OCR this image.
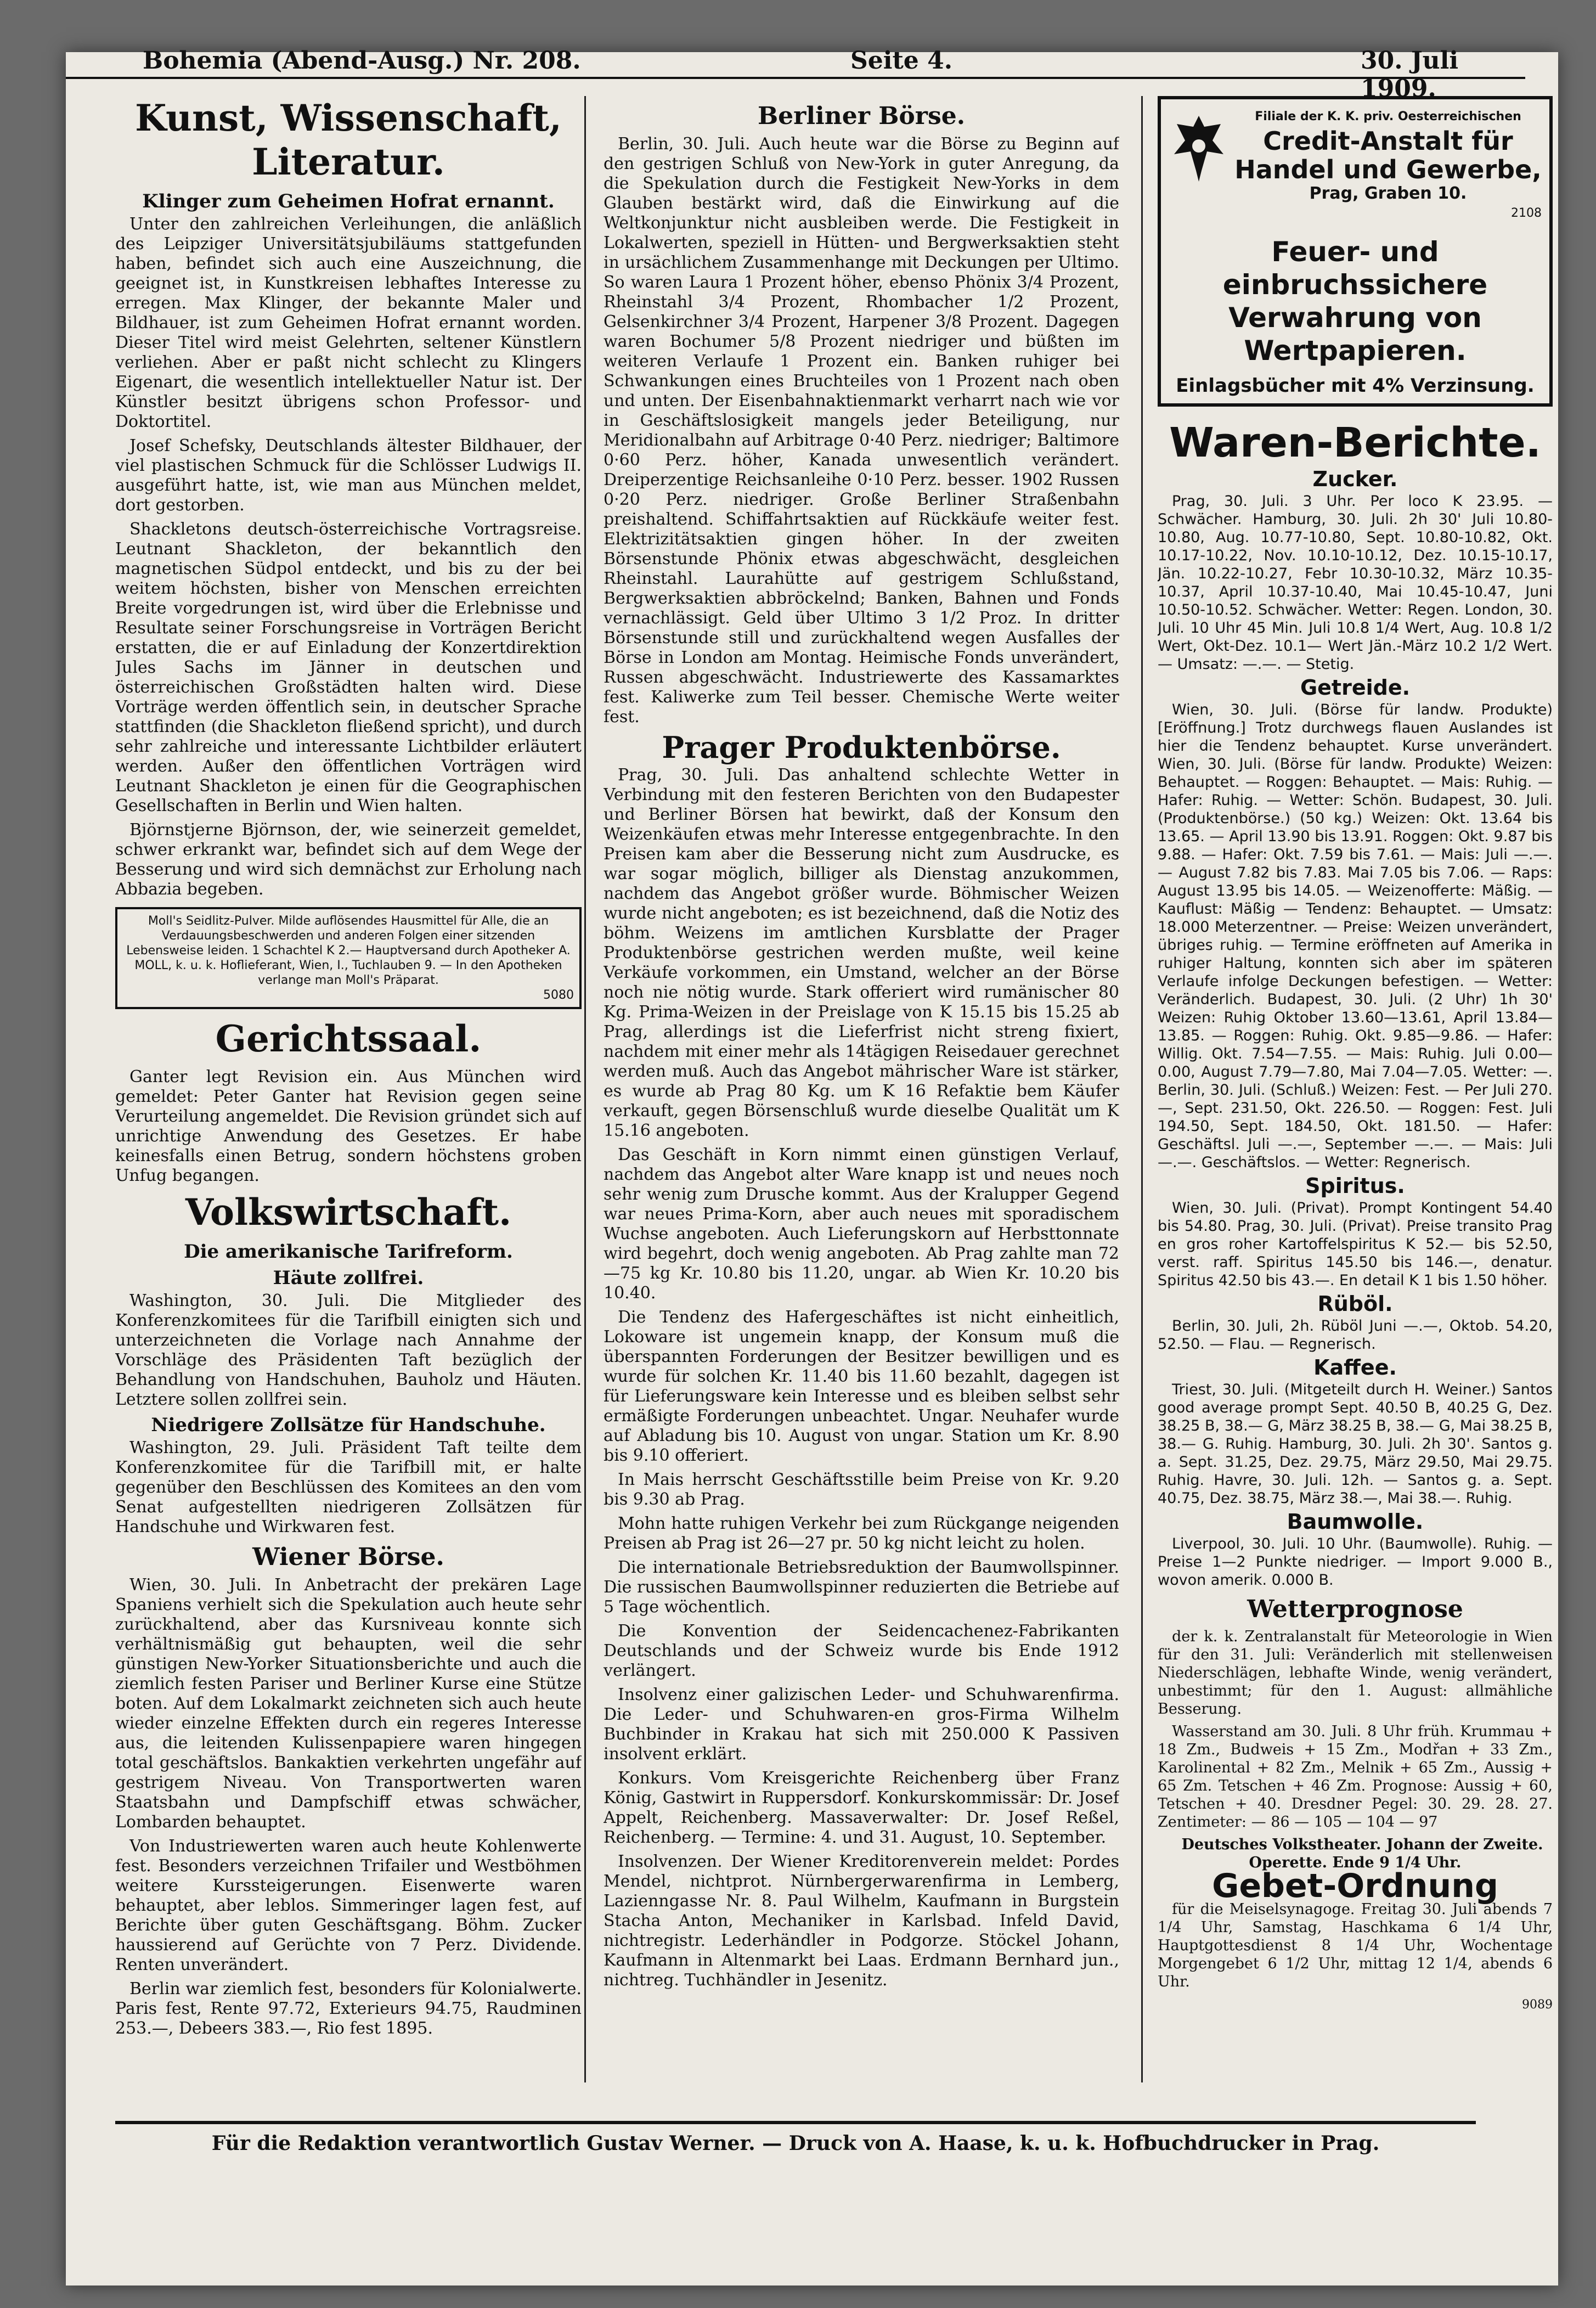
Bohemia (Abend-Ausg.) Nr. 208.	Seite 4.	30. Juli 1909.
Kunst, Wissenschaft, Literatur.
Klinger zum Geheimen Hofrat ernannt.

Unter den zahlreichen Verleihungen, die anläßlich des Leipziger Universitätsjubiläums stattgefunden haben, befindet sich auch eine Auszeichnung, die geeignet ist, in Kunstkreisen lebhaftes Interesse zu erregen. Max Klinger, der bekannte Maler und Bildhauer, ist zum Geheimen Hofrat ernannt worden. Dieser Titel wird meist Gelehrten, seltener Künstlern verliehen. Aber er paßt nicht schlecht zu Klingers Eigenart, die wesentlich intellektueller Natur ist. Der Künstler besitzt übrigens schon Professor- und Doktortitel.

Josef Schefsky, Deutschlands ältester Bildhauer, der viel plastischen Schmuck für die Schlösser Ludwigs II. ausgeführt hatte, ist, wie man aus München meldet, dort gestorben.

Shackletons deutsch-österreichische Vortragsreise. Leutnant Shackleton, der bekanntlich den magnetischen Südpol entdeckt, und bis zu der bei weitem höchsten, bisher von Menschen erreichten Breite vorgedrungen ist, wird über die Erlebnisse und Resultate seiner Forschungsreise in Vorträgen Bericht erstatten, die er auf Einladung der Konzertdirektion Jules Sachs im Jänner in deutschen und österreichischen Großstädten halten wird. Diese Vorträge werden öffentlich sein, in deutscher Sprache stattfinden (die Shackleton fließend spricht), und durch sehr zahlreiche und interessante Lichtbilder erläutert werden. Außer den öffentlichen Vorträgen wird Leutnant Shackleton je einen für die Geographischen Gesellschaften in Berlin und Wien halten.

Björnstjerne Björnson, der, wie seinerzeit gemeldet, schwer erkrankt war, befindet sich auf dem Wege der Besserung und wird sich demnächst zur Erholung nach Abbazia begeben.

Moll's Seidlitz-Pulver. Milde auflösendes Hausmittel für Alle, die an Verdauungsbeschwerden und anderen Folgen einer sitzenden Lebensweise leiden. 1 Schachtel K 2.— Hauptversand durch Apotheker A. MOLL, k. u. k. Hoflieferant, Wien, I., Tuchlauben 9. — In den Apotheken verlange man Moll's Präparat.
5080
Gerichtssaal.

Ganter legt Revision ein. Aus München wird gemeldet: Peter Ganter hat Revision gegen seine Verurteilung angemeldet. Die Revision gründet sich auf unrichtige Anwendung des Gesetzes. Er habe keinesfalls einen Betrug, sondern höchstens groben Unfug begangen.

Volkswirtschaft.
Die amerikanische Tarifreform.
Häute zollfrei.

Washington, 30. Juli. Die Mitglieder des Konferenzkomitees für die Tarifbill einigten sich und unterzeichneten die Vorlage nach Annahme der Vorschläge des Präsidenten Taft bezüglich der Behandlung von Handschuhen, Bauholz und Häuten. Letztere sollen zollfrei sein.

Niedrigere Zollsätze für Handschuhe.

Washington, 29. Juli. Präsident Taft teilte dem Konferenzkomitee für die Tarifbill mit, er halte gegenüber den Beschlüssen des Komitees an den vom Senat aufgestellten niedrigeren Zollsätzen für Handschuhe und Wirkwaren fest.

Wiener Börse.

Wien, 30. Juli. In Anbetracht der prekären Lage Spaniens verhielt sich die Spekulation auch heute sehr zurückhaltend, aber das Kursniveau konnte sich verhältnismäßig gut behaupten, weil die sehr günstigen New-Yorker Situationsberichte und auch die ziemlich festen Pariser und Berliner Kurse eine Stütze boten. Auf dem Lokalmarkt zeichneten sich auch heute wieder einzelne Effekten durch ein regeres Interesse aus, die leitenden Kulissenpapiere waren hingegen total geschäftslos. Bankaktien verkehrten ungefähr auf gestrigem Niveau. Von Transportwerten waren Staatsbahn und Dampfschiff etwas schwächer, Lombarden behauptet.

Von Industriewerten waren auch heute Kohlenwerte fest. Besonders verzeichnen Trifailer und Westböhmen weitere Kurssteigerungen. Eisenwerte waren behauptet, aber leblos. Simmeringer lagen fest, auf Berichte über guten Geschäftsgang. Böhm. Zucker haussierend auf Gerüchte von 7 Perz. Dividende. Renten unverändert.

Berlin war ziemlich fest, besonders für Kolonialwerte. Paris fest, Rente 97.72, Exterieurs 94.75, Raudminen 253.—, Debeers 383.—, Rio fest 1895.

Berliner Börse.

Berlin, 30. Juli. Auch heute war die Börse zu Beginn auf den gestrigen Schluß von New-York in guter Anregung, da die Spekulation durch die Festigkeit New-Yorks in dem Glauben bestärkt wird, daß die Einwirkung auf die Weltkonjunktur nicht ausbleiben werde. Die Festigkeit in Lokalwerten, speziell in Hütten- und Bergwerksaktien steht in ursächlichem Zusammenhange mit Deckungen per Ultimo. So waren Laura 1 Prozent höher, ebenso Phönix 3/4 Prozent, Rheinstahl 3/4 Prozent, Rhombacher 1/2 Prozent, Gelsenkirchner 3/4 Prozent, Harpener 3/8 Prozent. Dagegen waren Bochumer 5/8 Prozent niedriger und büßten im weiteren Verlaufe 1 Prozent ein. Banken ruhiger bei Schwankungen eines Bruchteiles von 1 Prozent nach oben und unten. Der Eisenbahnaktienmarkt verharrt nach wie vor in Geschäftslosigkeit mangels jeder Beteiligung, nur Meridionalbahn auf Arbitrage 0·40 Perz. niedriger; Baltimore 0·60 Perz. höher, Kanada unwesentlich verändert. Dreiperzentige Reichsanleihe 0·10 Perz. besser. 1902 Russen 0·20 Perz. niedriger. Große Berliner Straßenbahn preishaltend. Schiffahrtsaktien auf Rückkäufe weiter fest. Elektrizitätsaktien gingen höher. In der zweiten Börsenstunde Phönix etwas abgeschwächt, desgleichen Rheinstahl. Laurahütte auf gestrigem Schlußstand, Bergwerksaktien abbröckelnd; Banken, Bahnen und Fonds vernachlässigt. Geld über Ultimo 3 1/2 Proz. In dritter Börsenstunde still und zurückhaltend wegen Ausfalles der Börse in London am Montag. Heimische Fonds unverändert, Russen abgeschwächt. Industriewerte des Kassamarktes fest. Kaliwerke zum Teil besser. Chemische Werte weiter fest.

Prager Produktenbörse.

Prag, 30. Juli. Das anhaltend schlechte Wetter in Verbindung mit den festeren Berichten von den Budapester und Berliner Börsen hat bewirkt, daß der Konsum den Weizenkäufen etwas mehr Interesse entgegenbrachte. In den Preisen kam aber die Besserung nicht zum Ausdrucke, es war sogar möglich, billiger als Dienstag anzukommen, nachdem das Angebot größer wurde. Böhmischer Weizen wurde nicht angeboten; es ist bezeichnend, daß die Notiz des böhm. Weizens im amtlichen Kursblatte der Prager Produktenbörse gestrichen werden mußte, weil keine Verkäufe vorkommen, ein Umstand, welcher an der Börse noch nie nötig wurde. Stark offeriert wird rumänischer 80 Kg. Prima-Weizen in der Preislage von K 15.15 bis 15.25 ab Prag, allerdings ist die Lieferfrist nicht streng fixiert, nachdem mit einer mehr als 14tägigen Reisedauer gerechnet werden muß. Auch das Angebot mährischer Ware ist stärker, es wurde ab Prag 80 Kg. um K 16 Refaktie bem Käufer verkauft, gegen Börsenschluß wurde dieselbe Qualität um K 15.16 angeboten.

Das Geschäft in Korn nimmt einen günstigen Verlauf, nachdem das Angebot alter Ware knapp ist und neues noch sehr wenig zum Drusche kommt. Aus der Kralupper Gegend war neues Prima-Korn, aber auch neues mit sporadischem Wuchse angeboten. Auch Lieferungskorn auf Herbsttonnate wird begehrt, doch wenig angeboten. Ab Prag zahlte man 72—75 kg Kr. 10.80 bis 11.20, ungar. ab Wien Kr. 10.20 bis 10.40.

Die Tendenz des Hafergeschäftes ist nicht einheitlich, Lokoware ist ungemein knapp, der Konsum muß die überspannten Forderungen der Besitzer bewilligen und es wurde für solchen Kr. 11.40 bis 11.60 bezahlt, dagegen ist für Lieferungsware kein Interesse und es bleiben selbst sehr ermäßigte Forderungen unbeachtet. Ungar. Neuhafer wurde auf Abladung bis 10. August von ungar. Station um Kr. 8.90 bis 9.10 offeriert.

In Mais herrscht Geschäftsstille beim Preise von Kr. 9.20 bis 9.30 ab Prag.

Mohn hatte ruhigen Verkehr bei zum Rückgange neigenden Preisen ab Prag ist 26—27 pr. 50 kg nicht leicht zu holen.

Die internationale Betriebsreduktion der Baumwollspinner. Die russischen Baumwollspinner reduzierten die Betriebe auf 5 Tage wöchentlich.

Die Konvention der Seidencachenez-Fabrikanten Deutschlands und der Schweiz wurde bis Ende 1912 verlängert.

Insolvenz einer galizischen Leder- und Schuhwarenfirma. Die Leder- und Schuhwaren-en gros-Firma Wilhelm Buchbinder in Krakau hat sich mit 250.000 K Passiven insolvent erklärt.

Konkurs. Vom Kreisgerichte Reichenberg über Franz König, Gastwirt in Ruppersdorf. Konkurskommissär: Dr. Josef Appelt, Reichenberg. Massaverwalter: Dr. Josef Reßel, Reichenberg. — Termine: 4. und 31. August, 10. September.

Insolvenzen. Der Wiener Kreditorenverein meldet: Pordes Mendel, nichtprot. Nürnbergerwarenfirma in Lemberg, Lazienngasse Nr. 8. Paul Wilhelm, Kaufmann in Burgstein Stacha Anton, Mechaniker in Karlsbad. Infeld David, nichtregistr. Lederhändler in Podgorze. Stöckel Johann, Kaufmann in Altenmarkt bei Laas. Erdmann Bernhard jun., nichtreg. Tuchhändler in Jesenitz.

Filiale der K. K. priv. Oesterreichischen
Credit-Anstalt für Handel und Gewerbe,
Prag, Graben 10.
2108
Feuer- und einbruchssichere Verwahrung von Wertpapieren.
Einlagsbücher mit 4% Verzinsung.
Waren-Berichte.
Zucker.

Prag, 30. Juli. 3 Uhr. Per loco K 23.95. — Schwächer. Hamburg, 30. Juli. 2h 30' Juli 10.80-10.80, Aug. 10.77-10.80, Sept. 10.80-10.82, Okt. 10.17-10.22, Nov. 10.10-10.12, Dez. 10.15-10.17, Jän. 10.22-10.27, Febr 10.30-10.32, März 10.35-10.37, April 10.37-10.40, Mai 10.45-10.47, Juni 10.50-10.52. Schwächer. Wetter: Regen. London, 30. Juli. 10 Uhr 45 Min. Juli 10.8 1/4 Wert, Aug. 10.8 1/2 Wert, Okt-Dez. 10.1— Wert Jän.-März 10.2 1/2 Wert. — Umsatz: —.—. — Stetig.

Getreide.

Wien, 30. Juli. (Börse für landw. Produkte) [Eröffnung.] Trotz durchwegs flauen Auslandes ist hier die Tendenz behauptet. Kurse unverändert. Wien, 30. Juli. (Börse für landw. Produkte) Weizen: Behauptet. — Roggen: Behauptet. — Mais: Ruhig. — Hafer: Ruhig. — Wetter: Schön. Budapest, 30. Juli. (Produktenbörse.) (50 kg.) Weizen: Okt. 13.64 bis 13.65. — April 13.90 bis 13.91. Roggen: Okt. 9.87 bis 9.88. — Hafer: Okt. 7.59 bis 7.61. — Mais: Juli —.—. — August 7.82 bis 7.83. Mai 7.05 bis 7.06. — Raps: August 13.95 bis 14.05. — Weizenofferte: Mäßig. — Kauflust: Mäßig — Tendenz: Behauptet. — Umsatz: 18.000 Meterzentner. — Preise: Weizen unverändert, übriges ruhig. — Termine eröffneten auf Amerika in ruhiger Haltung, konnten sich aber im späteren Verlaufe infolge Deckungen befestigen. — Wetter: Veränderlich. Budapest, 30. Juli. (2 Uhr) 1h 30' Weizen: Ruhig Oktober 13.60—13.61, April 13.84—13.85. — Roggen: Ruhig. Okt. 9.85—9.86. — Hafer: Willig. Okt. 7.54—7.55. — Mais: Ruhig. Juli 0.00—0.00, August 7.79—7.80, Mai 7.04—7.05. Wetter: —. Berlin, 30. Juli. (Schluß.) Weizen: Fest. — Per Juli 270.—, Sept. 231.50, Okt. 226.50. — Roggen: Fest. Juli 194.50, Sept. 184.50, Okt. 181.50. — Hafer: Geschäftsl. Juli —.—, September —.—. — Mais: Juli —.—. Geschäftslos. — Wetter: Regnerisch.

Spiritus.

Wien, 30. Juli. (Privat). Prompt Kontingent 54.40 bis 54.80. Prag, 30. Juli. (Privat). Preise transito Prag en gros roher Kartoffelspiritus K 52.— bis 52.50, verst. raff. Spiritus 145.50 bis 146.—, denatur. Spiritus 42.50 bis 43.—. En detail K 1 bis 1.50 höher.

Rüböl.

Berlin, 30. Juli, 2h. Rüböl Juni —.—, Oktob. 54.20, 52.50. — Flau. — Regnerisch.

Kaffee.

Triest, 30. Juli. (Mitgeteilt durch H. Weiner.) Santos good average prompt Sept. 40.50 B, 40.25 G, Dez. 38.25 B, 38.— G, März 38.25 B, 38.— G, Mai 38.25 B, 38.— G. Ruhig. Hamburg, 30. Juli. 2h 30'. Santos g. a. Sept. 31.25, Dez. 29.75, März 29.50, Mai 29.75. Ruhig. Havre, 30. Juli. 12h. — Santos g. a. Sept. 40.75, Dez. 38.75, März 38.—, Mai 38.—. Ruhig.

Baumwolle.

Liverpool, 30. Juli. 10 Uhr. (Baumwolle). Ruhig. — Preise 1—2 Punkte niedriger. — Import 9.000 B., wovon amerik. 0.000 B.

Wetterprognose

der k. k. Zentralanstalt für Meteorologie in Wien für den 31. Juli: Veränderlich mit stellenweisen Niederschlägen, lebhafte Winde, wenig verändert, unbestimmt; für den 1. August: allmähliche Besserung.

Wasserstand am 30. Juli. 8 Uhr früh. Krummau + 18 Zm., Budweis + 15 Zm., Modřan + 33 Zm., Karolinental + 82 Zm., Melnik + 65 Zm., Aussig + 65 Zm. Tetschen + 46 Zm. Prognose: Aussig + 60, Tetschen + 40. Dresdner Pegel: 30. 29. 28. 27. Zentimeter: — 86 — 105 — 104 — 97

Deutsches Volkstheater. Johann der Zweite. Operette. Ende 9 1/4 Uhr.

Gebet-Ordnung

für die Meiselsynagoge. Freitag 30. Juli abends 7 1/4 Uhr, Samstag, Haschkama 6 1/4 Uhr, Hauptgottesdienst 8 1/4 Uhr, Wochentage Morgengebet 6 1/2 Uhr, mittag 12 1/4, abends 6 Uhr.

9089
Für die Redaktion verantwortlich Gustav Werner. — Druck von A. Haase, k. u. k. Hofbuchdrucker in Prag.
